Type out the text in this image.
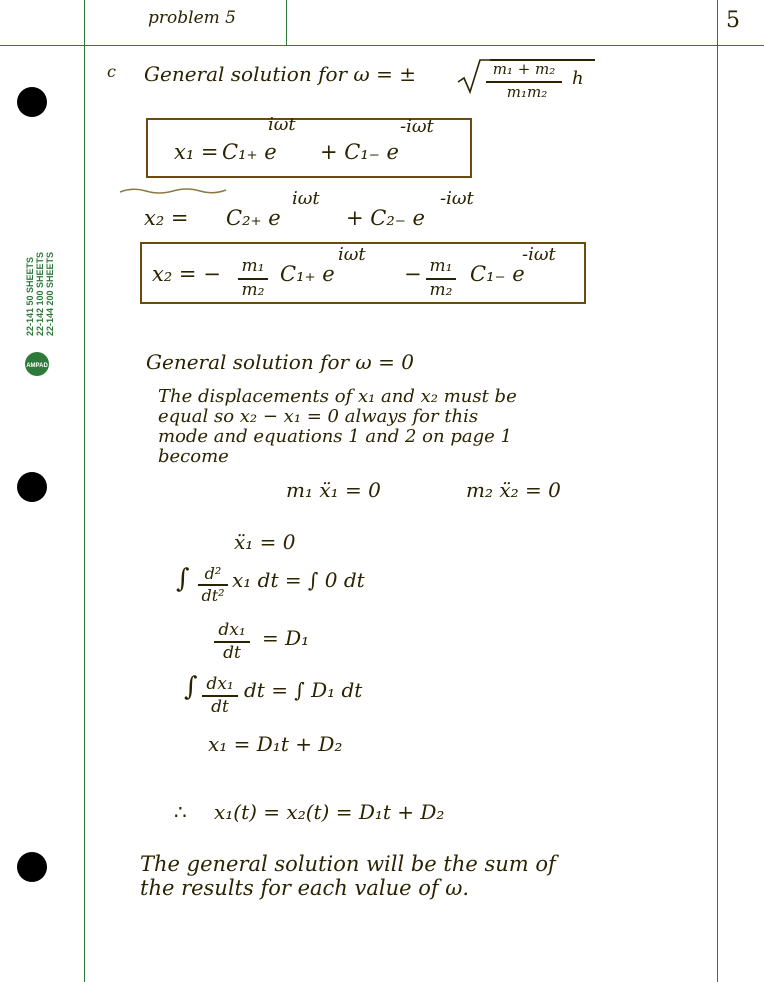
22-141 50 SHEETS 22-142 100 SHEETS 22-144 200 SHEETS
AMPAD
problem 5	5
c General solution for ω = ±	m₁ + m₂
m₁m₂
h
x₁ = C₁₊ e
iωt
+ C₁₋ e
-iωt
x₂ = C₂₊ e
iωt
+ C₂₋ e
-iωt
x₂ = −	m₁
m₂
C₁₊ e
iωt
− m₁
m₂
C₁₋ e
-iωt
General solution for ω = 0
The displacements of x₁ and x₂ must be
equal so x₂ − x₁ = 0 always for this
mode and equations 1 and 2 on page 1
become
m₁ ẍ₁ = 0	m₂ ẍ₂ = 0
ẍ₁ = 0
∫ d²
dt²
x₁ dt = ∫ 0 dt
dx₁
dt
= D₁
∫ dx₁
dt
dt = ∫ D₁ dt
x₁ = D₁t + D₂
∴ x₁(t) = x₂(t) = D₁t + D₂
The general solution will be the sum of
the results for each value of ω.
